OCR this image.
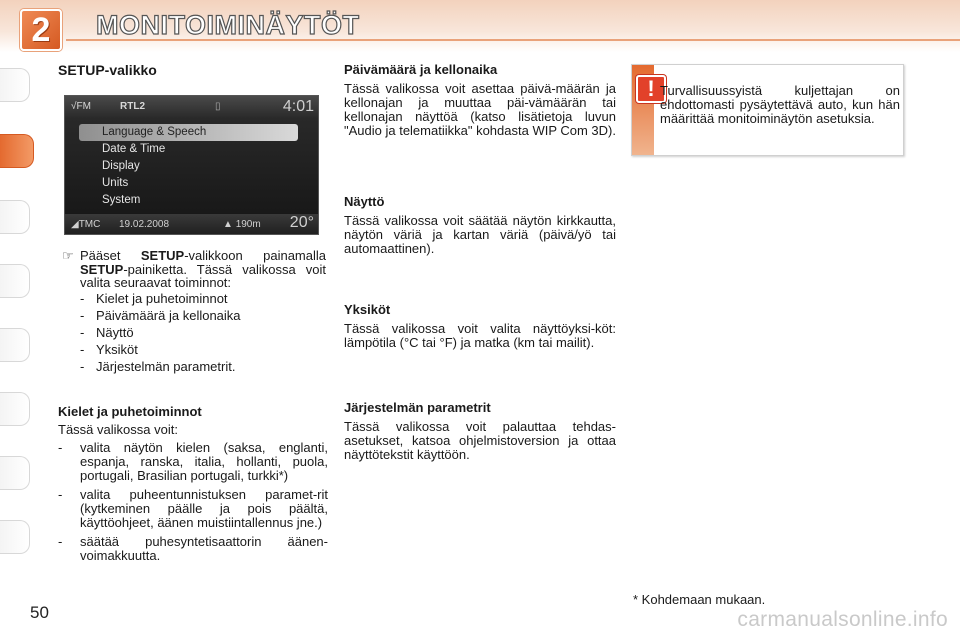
2	MONITOIMINÄYTÖT
50
SETUP-valikko
√FM	RTL2	▯	4:01
Language & Speech
Date & Time
Display
Units
System
◢TMC 19.02.2008	▲ 190m 20°
☞ Pääset SETUP-valikkoon painamalla SETUP-painiketta. Tässä valikossa voit valita seuraavat toiminnot:
- Kielet ja puhetoiminnot
- Päivämäärä ja kellonaika
- Näyttö
- Yksiköt
- Järjestelmän parametrit.
Kielet ja puhetoiminnot
Tässä valikossa voit:
- valita näytön kielen (saksa, englanti, espanja, ranska, italia, hollanti, puola, portugali, Brasilian portugali, turkki*)
- valita puheentunnistuksen paramet-rit (kytkeminen päälle ja pois päältä, käyttöohjeet, äänen muistiintallennus jne.)
- säätää puhesyntetisaattorin äänen-voimakkuutta.
Päivämäärä ja kellonaika
Tässä valikossa voit asettaa päivä-määrän ja kellonajan ja muuttaa päi-vämäärän tai kellonajan näyttöä (katso lisätietoja luvun "Audio ja telematiikka" kohdasta WIP Com 3D).
Näyttö
Tässä valikossa voit säätää näytön kirkkautta, näytön väriä ja kartan väriä (päivä/yö tai automaattinen).
Yksiköt
Tässä valikossa voit valita näyttöyksi-köt: lämpötila (°C tai °F) ja matka (km tai mailit).
Järjestelmän parametrit
Tässä valikossa voit palauttaa tehdas-asetukset, katsoa ohjelmistoversion ja ottaa näyttötekstit käyttöön.
! Turvallisuussyistä kuljettajan on ehdottomasti pysäytettävä auto, kun hän määrittää monitoiminäytön asetuksia.
* Kohdemaan mukaan.
carmanualsonline.info
